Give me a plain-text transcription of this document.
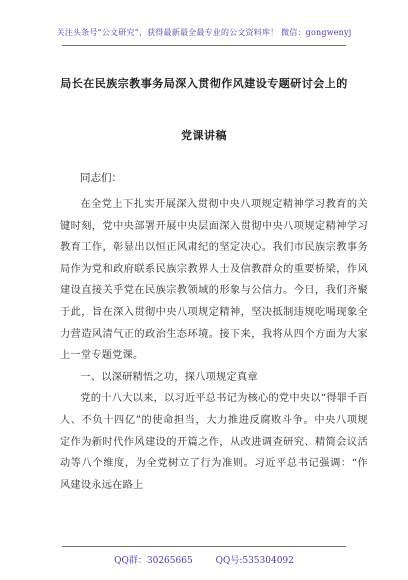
关注头条号“公文研究”，获得最新最全最专业的公文资料库！ 微信：gongwenyj
局长在民族宗教事务局深入贯彻作风建设专题研讨会上的
党课讲稿
同志们：

在全党上下扎实开展深入贯彻中央八项规定精神学习教育的关键时刻，党中央部署开展中央层面深入贯彻中央八项规定精神学习教育工作，彰显出以恒正风肃纪的坚定决心。我们市民族宗教事务局作为党和政府联系民族宗教界人士及信教群众的重要桥梁，作风建设直接关乎党在民族宗教领域的形象与公信力。今日，我们齐聚于此，旨在深入贯彻中央八项规定精神，坚决抵制违规吃喝现象全力营造风清气正的政治生态环境。接下来，我将从四个方面为大家上一堂专题党课。

一、以深研精悟之功，探八项规定真章

党的十八大以来，以习近平总书记为核心的党中央以“得罪千百人、不负十四亿”的使命担当，大力推进反腐败斗争。中央八项规定作为新时代作风建设的开篇之作，从改进调查研究、精简会议活动等八个维度，为全党树立了行为准则。习近平总书记强调：“作风建设永远在路上

QQ群：30265665	QQ号:535304092
